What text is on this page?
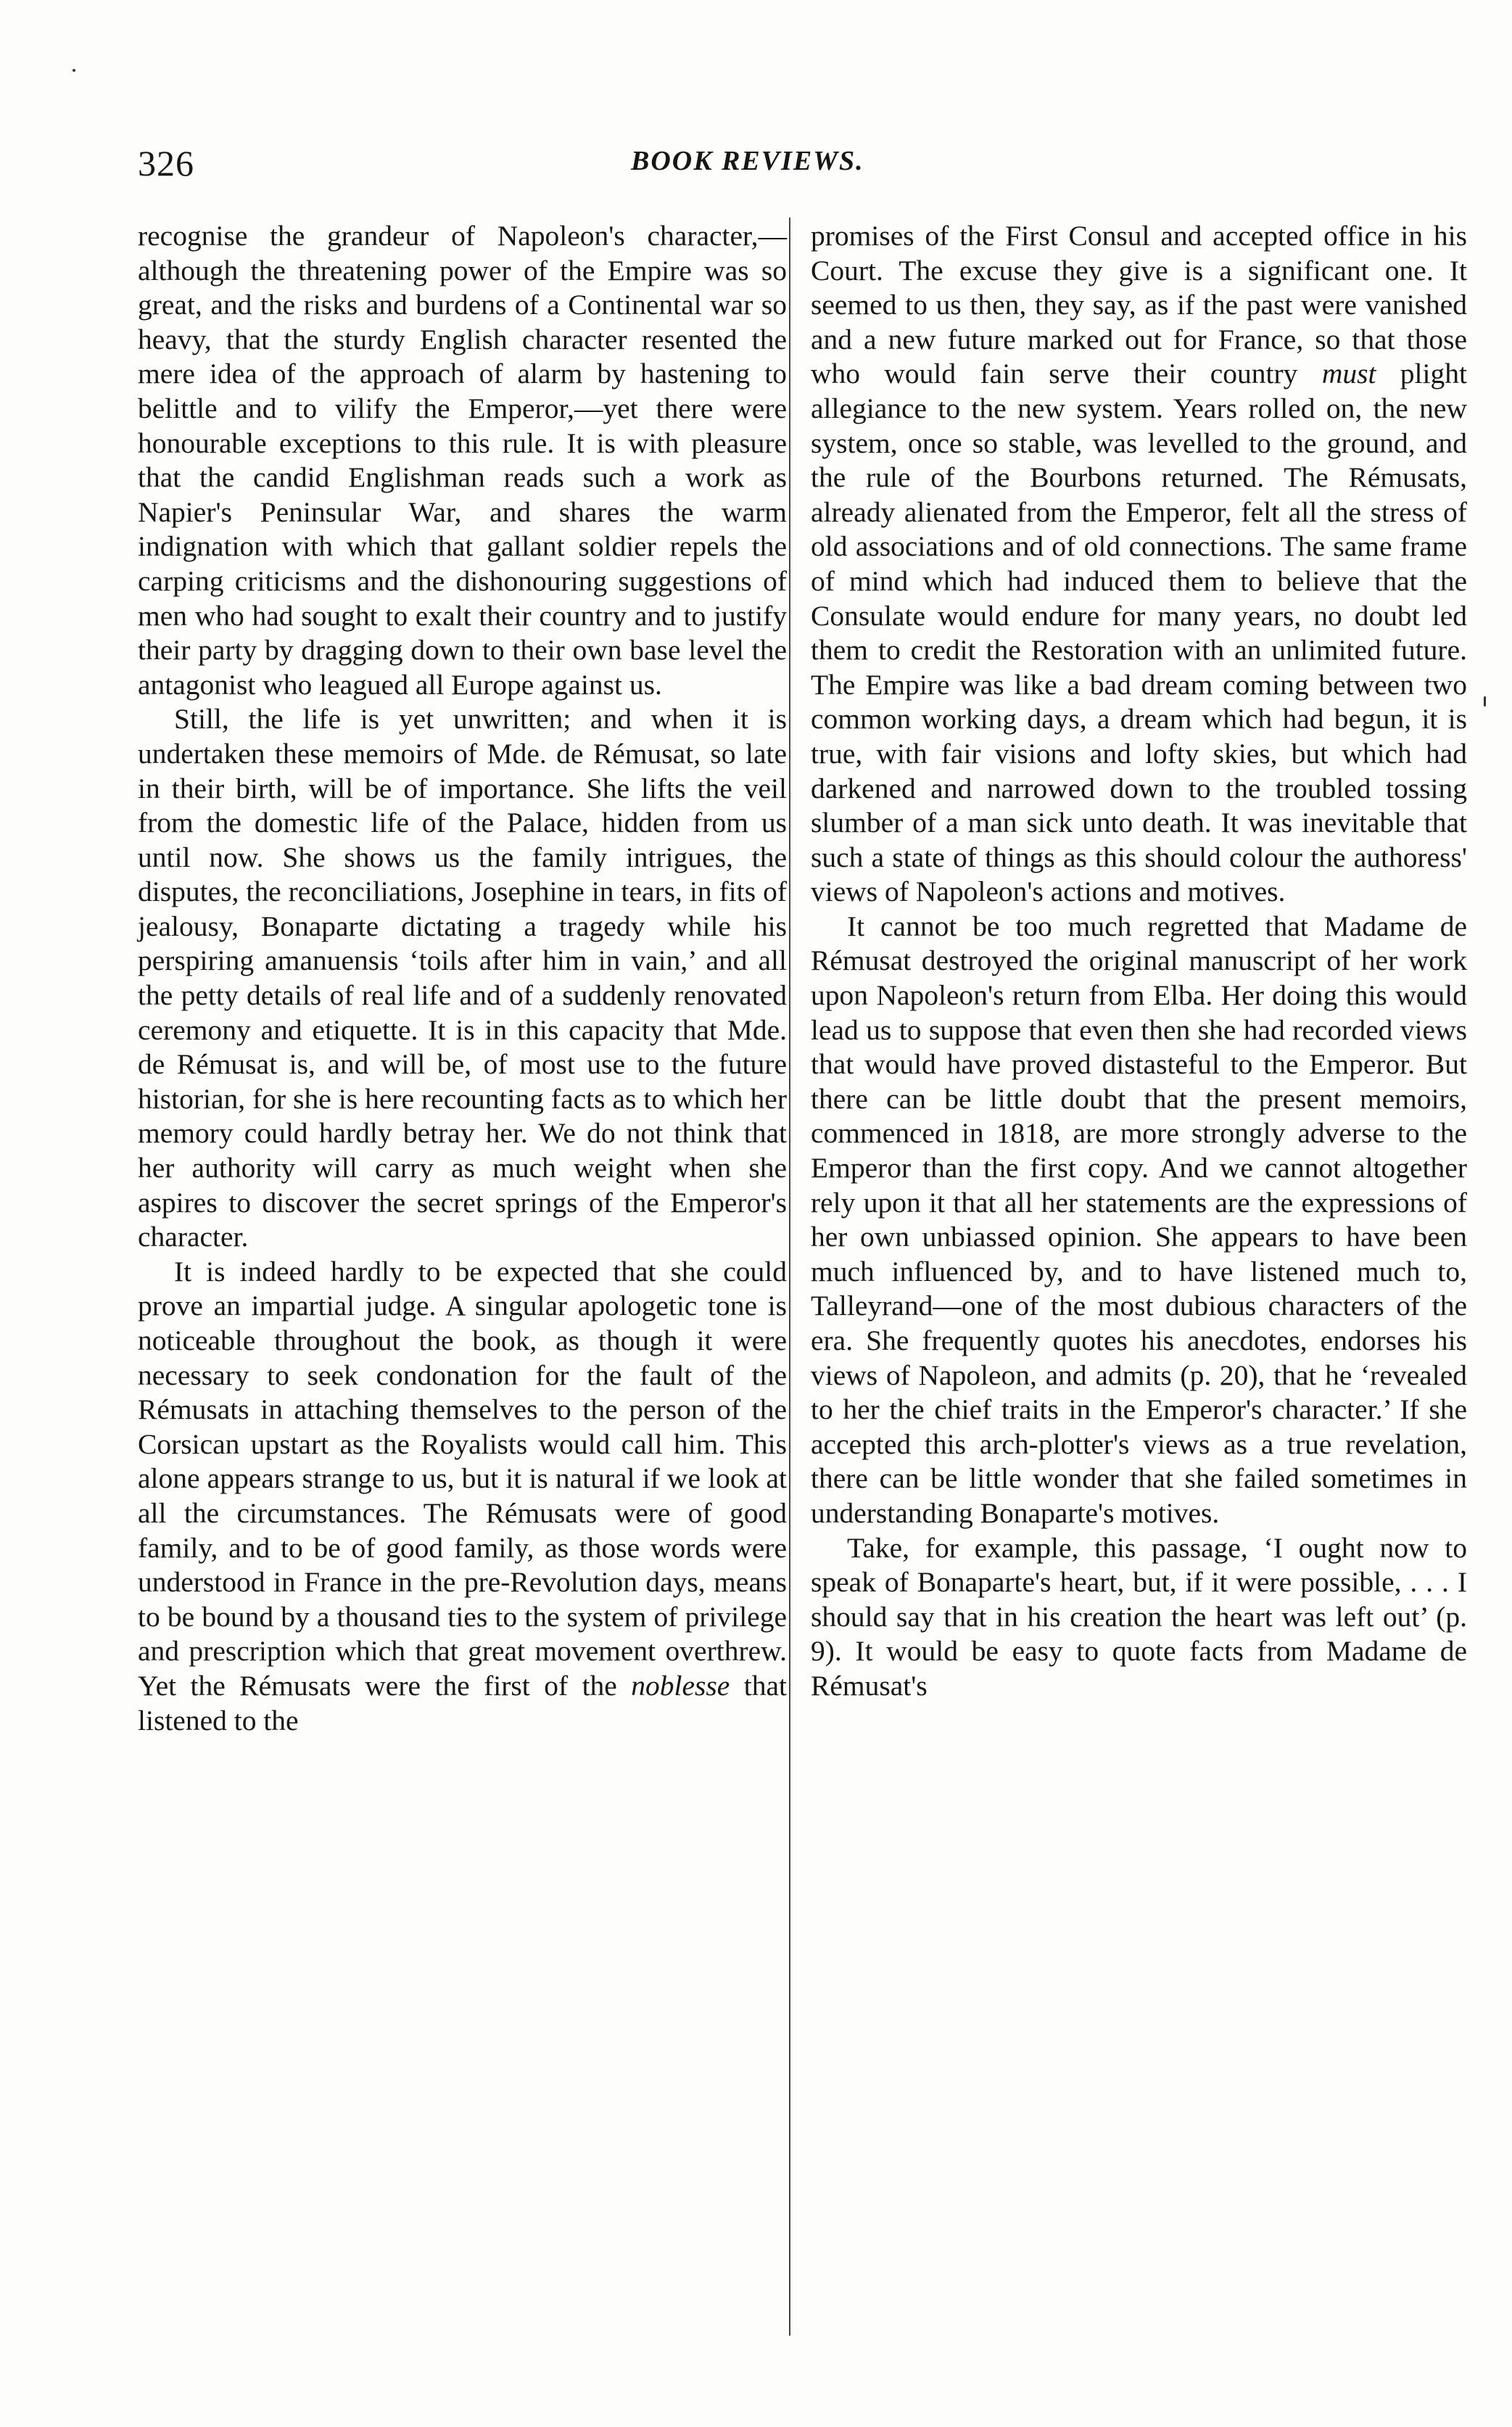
326	BOOK REVIEWS.

recognise the grandeur of Napoleon's character,—although the threatening power of the Empire was so great, and the risks and burdens of a Continental war so heavy, that the sturdy English character resented the mere idea of the approach of alarm by hastening to belittle and to vilify the Emperor,—yet there were honourable exceptions to this rule. It is with pleasure that the candid Englishman reads such a work as Napier's Peninsular War, and shares the warm indignation with which that gallant soldier repels the carping criticisms and the dishonouring suggestions of men who had sought to exalt their country and to justify their party by dragging down to their own base level the antagonist who leagued all Europe against us.

Still, the life is yet unwritten; and when it is undertaken these memoirs of Mde. de Rémusat, so late in their birth, will be of importance. She lifts the veil from the domestic life of the Palace, hidden from us until now. She shows us the family intrigues, the disputes, the reconciliations, Josephine in tears, in fits of jealousy, Bonaparte dictating a tragedy while his perspiring amanuensis ‘toils after him in vain,’ and all the petty details of real life and of a suddenly renovated ceremony and etiquette. It is in this capacity that Mde. de Rémusat is, and will be, of most use to the future historian, for she is here recounting facts as to which her memory could hardly betray her. We do not think that her authority will carry as much weight when she aspires to discover the secret springs of the Emperor's character.

It is indeed hardly to be expected that she could prove an impartial judge. A singular apologetic tone is noticeable throughout the book, as though it were necessary to seek condonation for the fault of the Rémusats in attaching themselves to the person of the Corsican upstart as the Royalists would call him. This alone appears strange to us, but it is natural if we look at all the circumstances. The Rémusats were of good family, and to be of good family, as those words were understood in France in the pre-Revolution days, means to be bound by a thousand ties to the system of privilege and prescription which that great movement overthrew. Yet the Rémusats were the first of the noblesse that listened to the

promises of the First Consul and accepted office in his Court. The excuse they give is a significant one. It seemed to us then, they say, as if the past were vanished and a new future marked out for France, so that those who would fain serve their country must plight allegiance to the new system. Years rolled on, the new system, once so stable, was levelled to the ground, and the rule of the Bourbons returned. The Rémusats, already alienated from the Emperor, felt all the stress of old associations and of old connections. The same frame of mind which had induced them to believe that the Consulate would endure for many years, no doubt led them to credit the Restoration with an unlimited future. The Empire was like a bad dream coming between two common working days, a dream which had begun, it is true, with fair visions and lofty skies, but which had darkened and narrowed down to the troubled tossing slumber of a man sick unto death. It was inevitable that such a state of things as this should colour the authoress' views of Napoleon's actions and motives.

It cannot be too much regretted that Madame de Rémusat destroyed the original manuscript of her work upon Napoleon's return from Elba. Her doing this would lead us to suppose that even then she had recorded views that would have proved distasteful to the Emperor. But there can be little doubt that the present memoirs, commenced in 1818, are more strongly adverse to the Emperor than the first copy. And we cannot altogether rely upon it that all her statements are the expressions of her own unbiassed opinion. She appears to have been much influenced by, and to have listened much to, Talleyrand—one of the most dubious characters of the era. She frequently quotes his anecdotes, endorses his views of Napoleon, and admits (p. 20), that he ‘revealed to her the chief traits in the Emperor's character.’ If she accepted this arch-plotter's views as a true revelation, there can be little wonder that she failed sometimes in understanding Bonaparte's motives.

Take, for example, this passage, ‘I ought now to speak of Bonaparte's heart, but, if it were possible, . . . I should say that in his creation the heart was left out’ (p. 9). It would be easy to quote facts from Madame de Rémusat's
